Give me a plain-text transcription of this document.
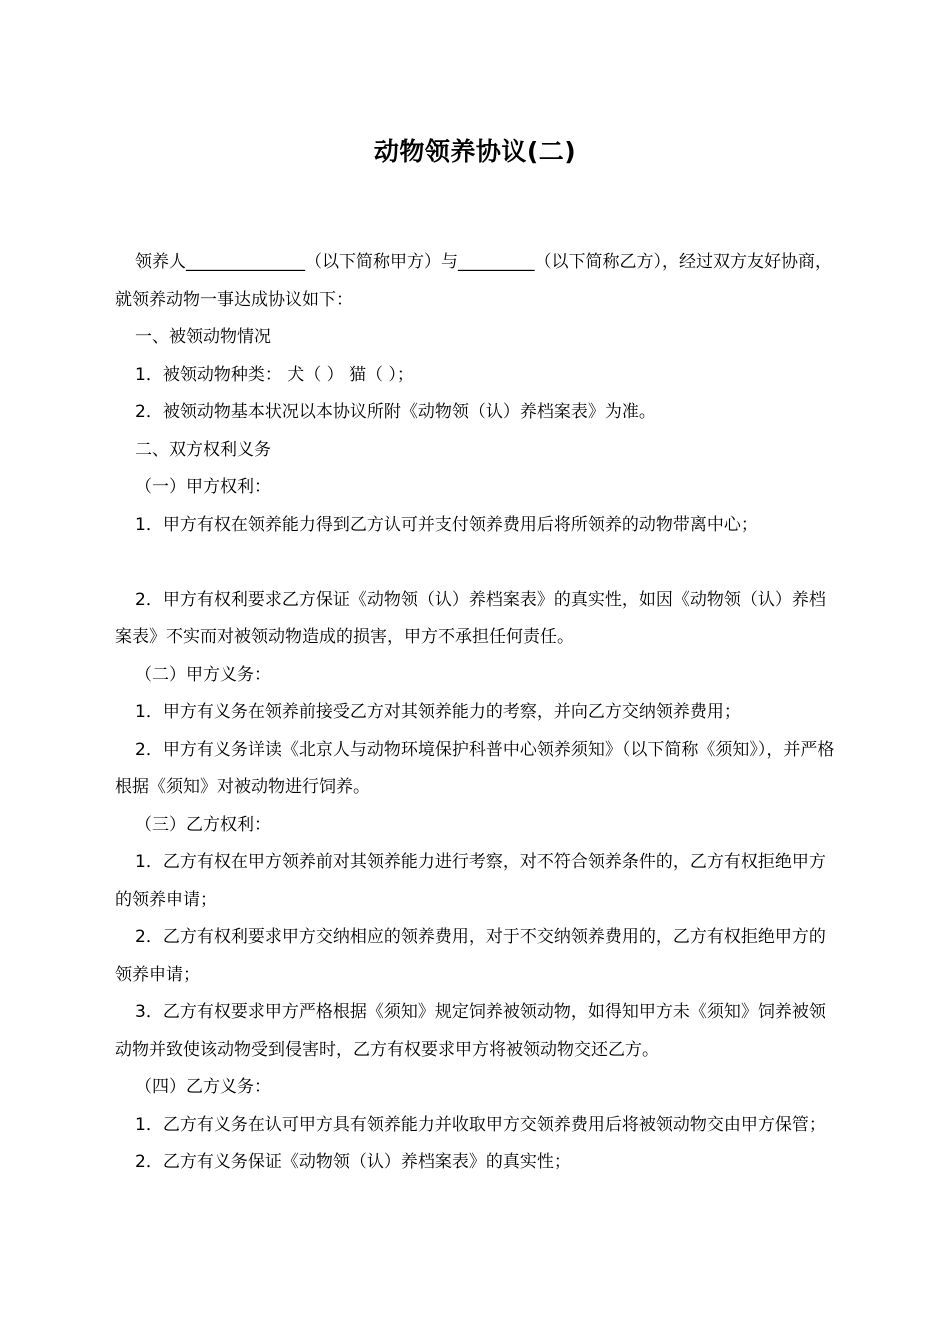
动物领养协议(二)

领养人______________（以下简称甲方）与_________（以下简称乙方），经过双方友好协商，就领养动物一事达成协议如下：

一、被领动物情况

1．被领动物种类： 犬（ ） 猫（ ）；

2．被领动物基本状况以本协议所附《动物领（认）养档案表》为准。

二、双方权利义务

（一）甲方权利：

1．甲方有权在领养能力得到乙方认可并支付领养费用后将所领养的动物带离中心；

2．甲方有权利要求乙方保证《动物领（认）养档案表》的真实性，如因《动物领（认）养档案表》不实而对被领动物造成的损害，甲方不承担任何责任。

（二）甲方义务：

1．甲方有义务在领养前接受乙方对其领养能力的考察，并向乙方交纳领养费用；

2．甲方有义务详读《北京人与动物环境保护科普中心领养须知》（以下简称《须知》），并严格根据《须知》对被动物进行饲养。

（三）乙方权利：

1．乙方有权在甲方领养前对其领养能力进行考察，对不符合领养条件的，乙方有权拒绝甲方的领养申请；

2．乙方有权利要求甲方交纳相应的领养费用，对于不交纳领养费用的，乙方有权拒绝甲方的领养申请；

3．乙方有权要求甲方严格根据《须知》规定饲养被领动物，如得知甲方未《须知》饲养被领动物并致使该动物受到侵害时，乙方有权要求甲方将被领动物交还乙方。

（四）乙方义务：

1．乙方有义务在认可甲方具有领养能力并收取甲方交领养费用后将被领动物交由甲方保管；

2．乙方有义务保证《动物领（认）养档案表》的真实性；
